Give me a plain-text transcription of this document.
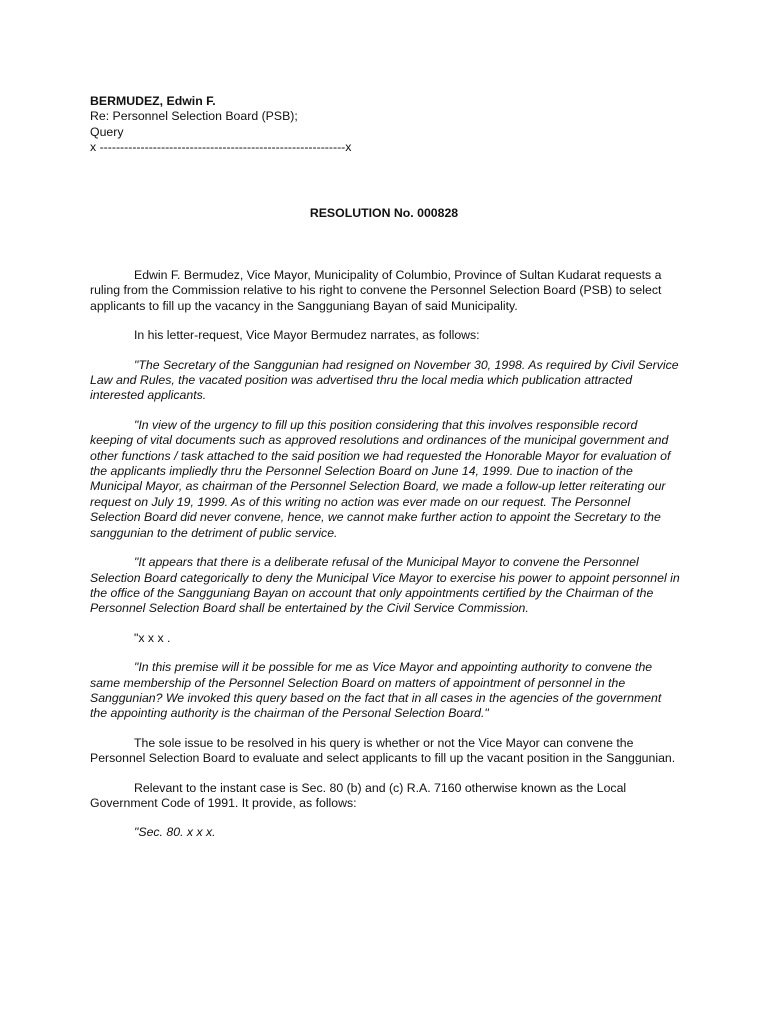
BERMUDEZ, Edwin F.
Re: Personnel Selection Board (PSB);
Query
x ------------------------------------------------------------x
RESOLUTION No. 000828

Edwin F. Bermudez, Vice Mayor, Municipality of Columbio, Province of Sultan Kudarat requests a ruling from the Commission relative to his right to convene the Personnel Selection Board (PSB) to select applicants to fill up the vacancy in the Sangguniang Bayan of said Municipality.

In his letter-request, Vice Mayor Bermudez narrates, as follows:

"The Secretary of the Sanggunian had resigned on November 30, 1998. As required by Civil Service Law and Rules, the vacated position was advertised thru the local media which publication attracted interested applicants.

"In view of the urgency to fill up this position considering that this involves responsible record keeping of vital documents such as approved resolutions and ordinances of the municipal government and other functions / task attached to the said position we had requested the Honorable Mayor for evaluation of the applicants impliedly thru the Personnel Selection Board on June 14, 1999. Due to inaction of the Municipal Mayor, as chairman of the Personnel Selection Board, we made a follow-up letter reiterating our request on July 19, 1999. As of this writing no action was ever made on our request. The Personnel Selection Board did never convene, hence, we cannot make further action to appoint the Secretary to the sanggunian to the detriment of public service.

"It appears that there is a deliberate refusal of the Municipal Mayor to convene the Personnel Selection Board categorically to deny the Municipal Vice Mayor to exercise his power to appoint personnel in the office of the Sangguniang Bayan on account that only appointments certified by the Chairman of the Personnel Selection Board shall be entertained by the Civil Service Commission.

"x x x .

"In this premise will it be possible for me as Vice Mayor and appointing authority to convene the same membership of the Personnel Selection Board on matters of appointment of personnel in the Sanggunian? We invoked this query based on the fact that in all cases in the agencies of the government the appointing authority is the chairman of the Personal Selection Board."

The sole issue to be resolved in his query is whether or not the Vice Mayor can convene the Personnel Selection Board to evaluate and select applicants to fill up the vacant position in the Sanggunian.

Relevant to the instant case is Sec. 80 (b) and (c) R.A. 7160 otherwise known as the Local Government Code of 1991. It provide, as follows:

"Sec. 80. x x x.
